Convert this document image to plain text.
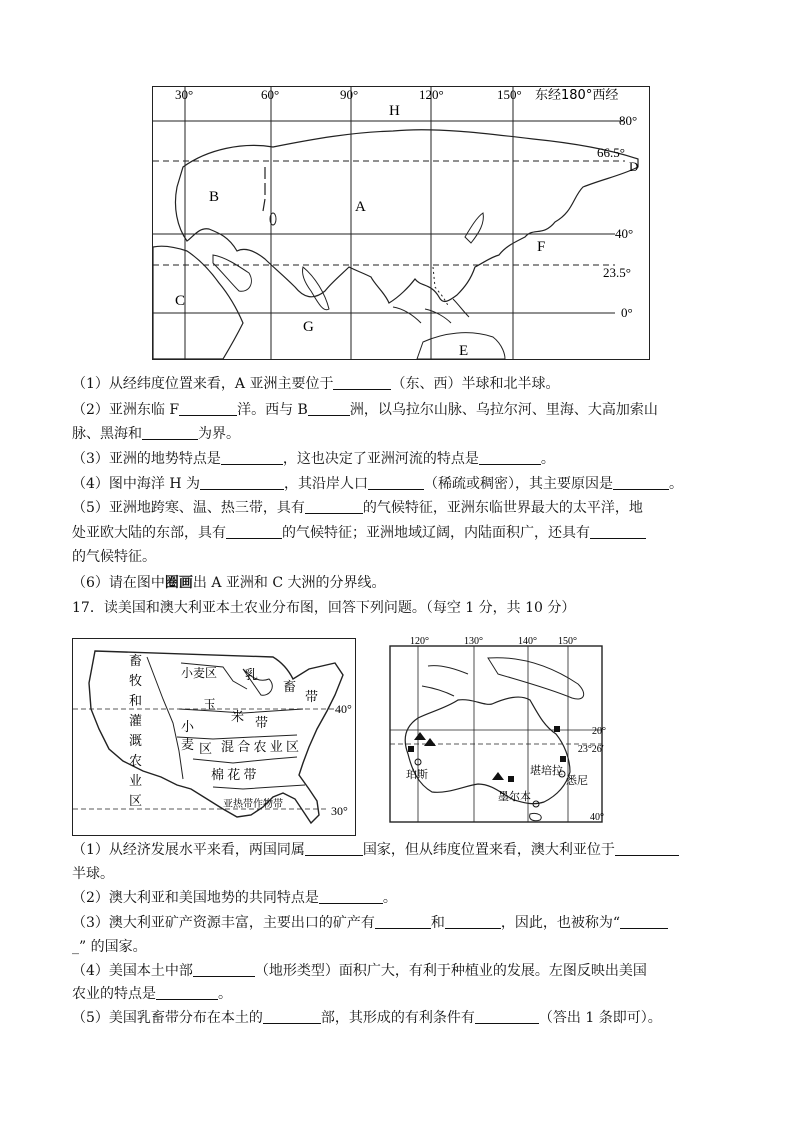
30°	60°	90°	120°	150° 东经180°西经
80°
66.5°
40°
23.5°
0°
H
D
B
A
F
C
G
E
（1）从经纬度位置来看，A 亚洲主要位于	（东、西）半球和北半球。
（2）亚洲东临 F	洋。西与 B	洲，以乌拉尔山脉、乌拉尔河、里海、大高加索山
脉、黑海和	为界。
（3）亚洲的地势特点是	，这也决定了亚洲河流的特点是	。
（4）图中海洋 H 为	，其沿岸人口	（稀疏或稠密），其主要原因是	。
（5）亚洲地跨寒、温、热三带，具有	的气候特征，亚洲东临世界最大的太平洋，地
处亚欧大陆的东部，具有	的气候特征；亚洲地域辽阔，内陆面积广，还具有
的气候特征。
（6）请在图中圈画出 A 亚洲和 C 大洲的分界线。
17．读美国和澳大利亚本土农业分布图，回答下列问题。（每空 1 分，共 10 分）
畜
牧
和
灌
溉
农
业
区
小麦区 乳
畜
带
玉
米 带
小
麦 区 混 合 农 业 区
棉 花 带
亚热带作物带
40°
30°
120°	130°	140° 150°
20°
23°26′
40°
珀斯	堪培拉
悉尼
墨尔本
（1）从经济发展水平来看，两国同属	国家，但从纬度位置来看，澳大利亚位于
半球。
（2）澳大利亚和美国地势的共同特点是	。
（3）澳大利亚矿产资源丰富，主要出口的矿产有	和	，因此，也被称为“
_” 的国家。
（4）美国本土中部	（地形类型）面积广大，有利于种植业的发展。左图反映出美国
农业的特点是	。
（5）美国乳畜带分布在本土的	部，其形成的有利条件有	（答出 1 条即可）。
